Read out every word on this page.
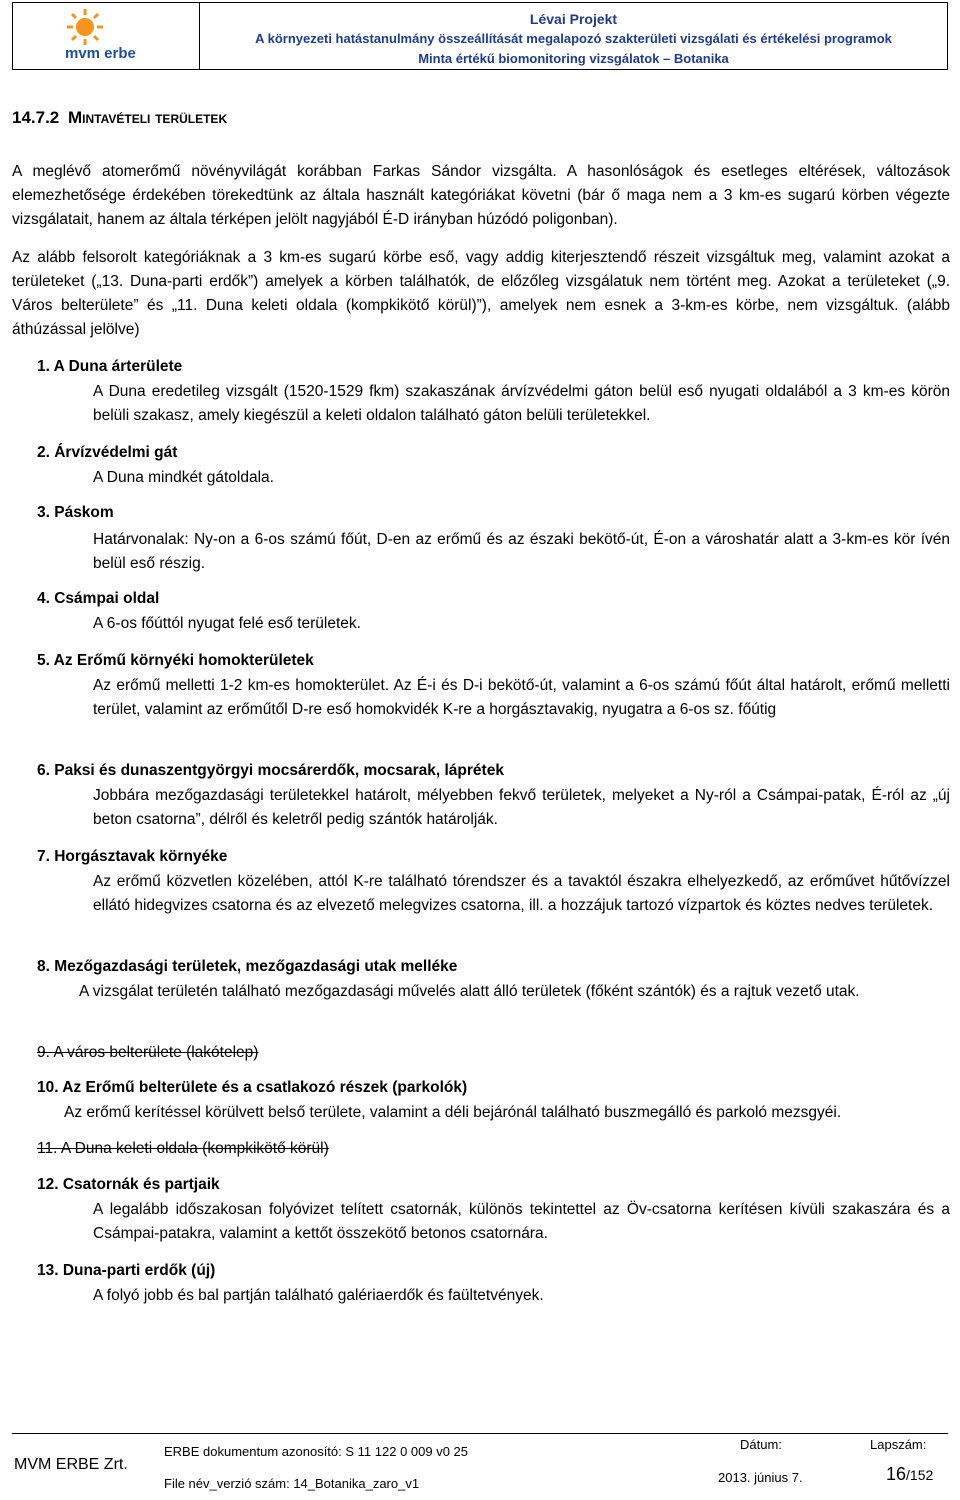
mvm erbe
Lévai Projekt
A környezeti hatástanulmány összeállítását megalapozó szakterületi vizsgálati és értékelési programok
Minta értékű biomonitoring vizsgálatok – Botanika
14.7.2 Mintavételi területek
A meglévő atomerőmű növényvilágát korábban Farkas Sándor vizsgálta. A hasonlóságok és esetleges eltérések, változások elemezhetősége érdekében törekedtünk az általa használt kategóriákat követni (bár ő maga nem a 3 km-es sugarú körben végezte vizsgálatait, hanem az általa térképen jelölt nagyjából É-D irányban húzódó poligonban).
Az alább felsorolt kategóriáknak a 3 km-es sugarú körbe eső, vagy addig kiterjesztendő részeit vizsgáltuk meg, valamint azokat a területeket („13. Duna-parti erdők”) amelyek a körben találhatók, de előzőleg vizsgálatuk nem történt meg. Azokat a területeket („9. Város belterülete” és „11. Duna keleti oldala (kompkikötő körül)”), amelyek nem esnek a 3-km-es körbe, nem vizsgáltuk. (alább áthúzással jelölve)
1. A Duna árterülete
A Duna eredetileg vizsgált (1520-1529 fkm) szakaszának árvízvédelmi gáton belül eső nyugati oldalából a 3 km-es körön belüli szakasz, amely kiegészül a keleti oldalon található gáton belüli területekkel.
2. Árvízvédelmi gát
A Duna mindkét gátoldala.
3. Páskom
Határvonalak: Ny-on a 6-os számú főút, D-en az erőmű és az északi bekötő-út, É-on a városhatár alatt a 3-km-es kör ívén belül eső részig.
4. Csámpai oldal
A 6-os főúttól nyugat felé eső területek.
5. Az Erőmű környéki homokterületek
Az erőmű melletti 1-2 km-es homokterület. Az É-i és D-i bekötő-út, valamint a 6-os számú főút által határolt, erőmű melletti terület, valamint az erőműtől D-re eső homokvidék K-re a horgásztavakig, nyugatra a 6-os sz. főútig
6. Paksi és dunaszentgyörgyi mocsárerdők, mocsarak, láprétek
Jobbára mezőgazdasági területekkel határolt, mélyebben fekvő területek, melyeket a Ny-ról a Csámpai-patak, É-ról az „új beton csatorna”, délről és keletről pedig szántók határolják.
7. Horgásztavak környéke
Az erőmű közvetlen közelében, attól K-re található tórendszer és a tavaktól északra elhelyezkedő, az erőművet hűtővízzel ellátó hidegvizes csatorna és az elvezető melegvizes csatorna, ill. a hozzájuk tartozó vízpartok és köztes nedves területek.
8. Mezőgazdasági területek, mezőgazdasági utak melléke
A vizsgálat területén található mezőgazdasági művelés alatt álló területek (főként szántók) és a rajtuk vezető utak.
9. A város belterülete (lakótelep)
10. Az Erőmű belterülete és a csatlakozó részek (parkolók)
Az erőmű kerítéssel körülvett belső területe, valamint a déli bejárónál található buszmegálló és parkoló mezsgyéi.
11. A Duna keleti oldala (kompkikötő körül)
12. Csatornák és partjaik
A legalább időszakosan folyóvizet telített csatornák, különös tekintettel az Öv-csatorna kerítésen kívüli szakaszára és a Csámpai-patakra, valamint a kettőt összekötő betonos csatornára.
13. Duna-parti erdők (új)
A folyó jobb és bal partján található galériaerdők és faültetvények.
MVM ERBE Zrt.
ERBE dokumentum azonosító: S 11 122 0 009 v0 25
File név_verzió szám: 14_Botanika_zaro_v1
Dátum:
2013. június 7.
Lapszám:
16/152
